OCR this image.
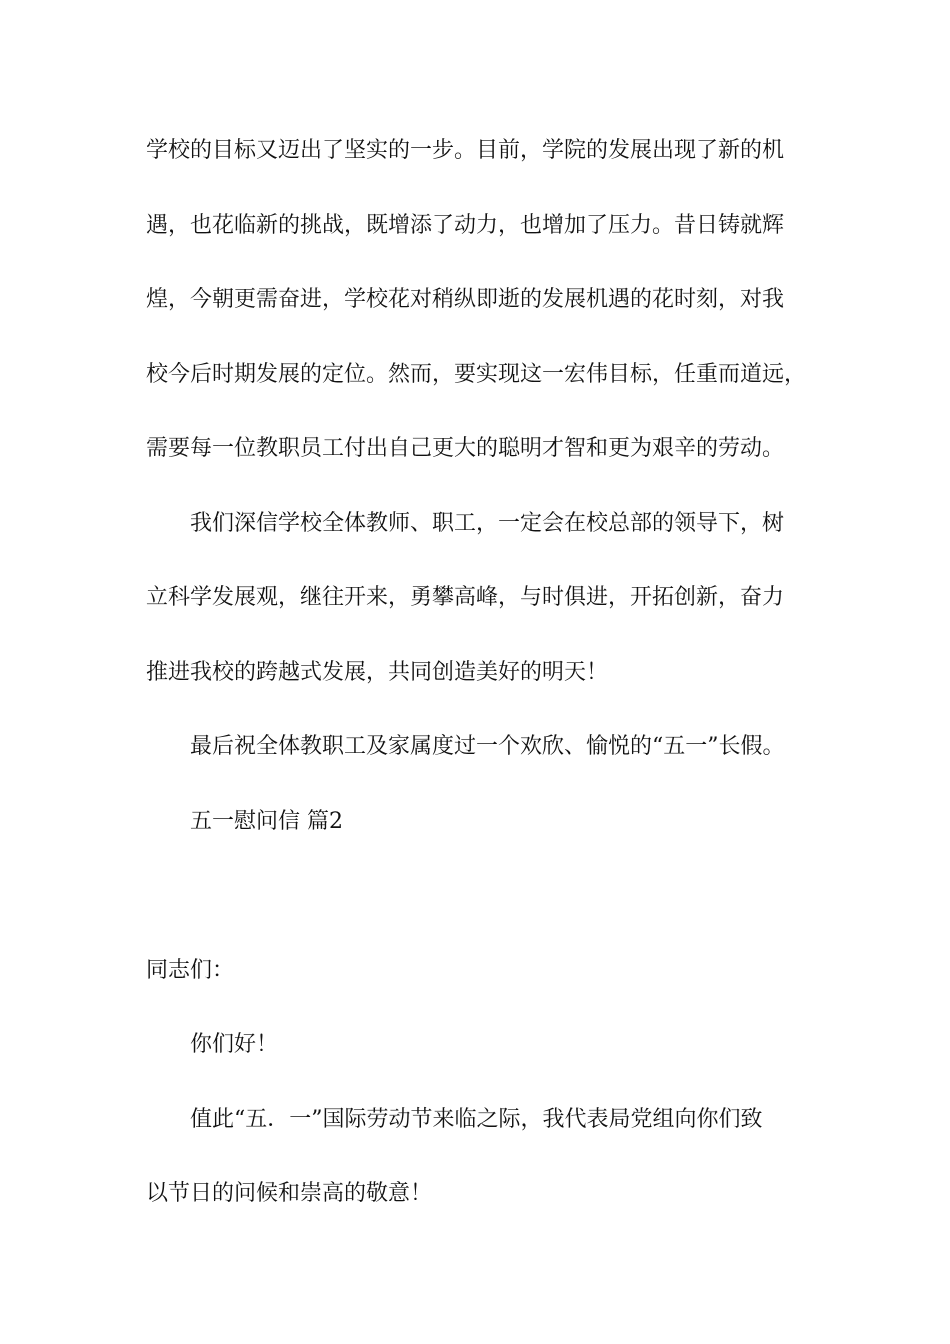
学校的目标又迈出了坚实的一步。目前，学院的发展出现了新的机
遇，也花临新的挑战，既增添了动力，也增加了压力。昔日铸就辉
煌，今朝更需奋进，学校花对稍纵即逝的发展机遇的花时刻，对我
校今后时期发展的定位。然而，要实现这一宏伟目标，任重而道远，
需要每一位教职员工付出自己更大的聪明才智和更为艰辛的劳动。
我们深信学校全体教师、职工，一定会在校总部的领导下，树
立科学发展观，继往开来，勇攀高峰，与时俱进，开拓创新，奋力
推进我校的跨越式发展，共同创造美好的明天！
最后祝全体教职工及家属度过一个欢欣、愉悦的“五一”长假。
五一慰问信 篇2
同志们：
你们好！
值此“五．一”国际劳动节来临之际，我代表局党组向你们致
以节日的问候和崇高的敬意！
